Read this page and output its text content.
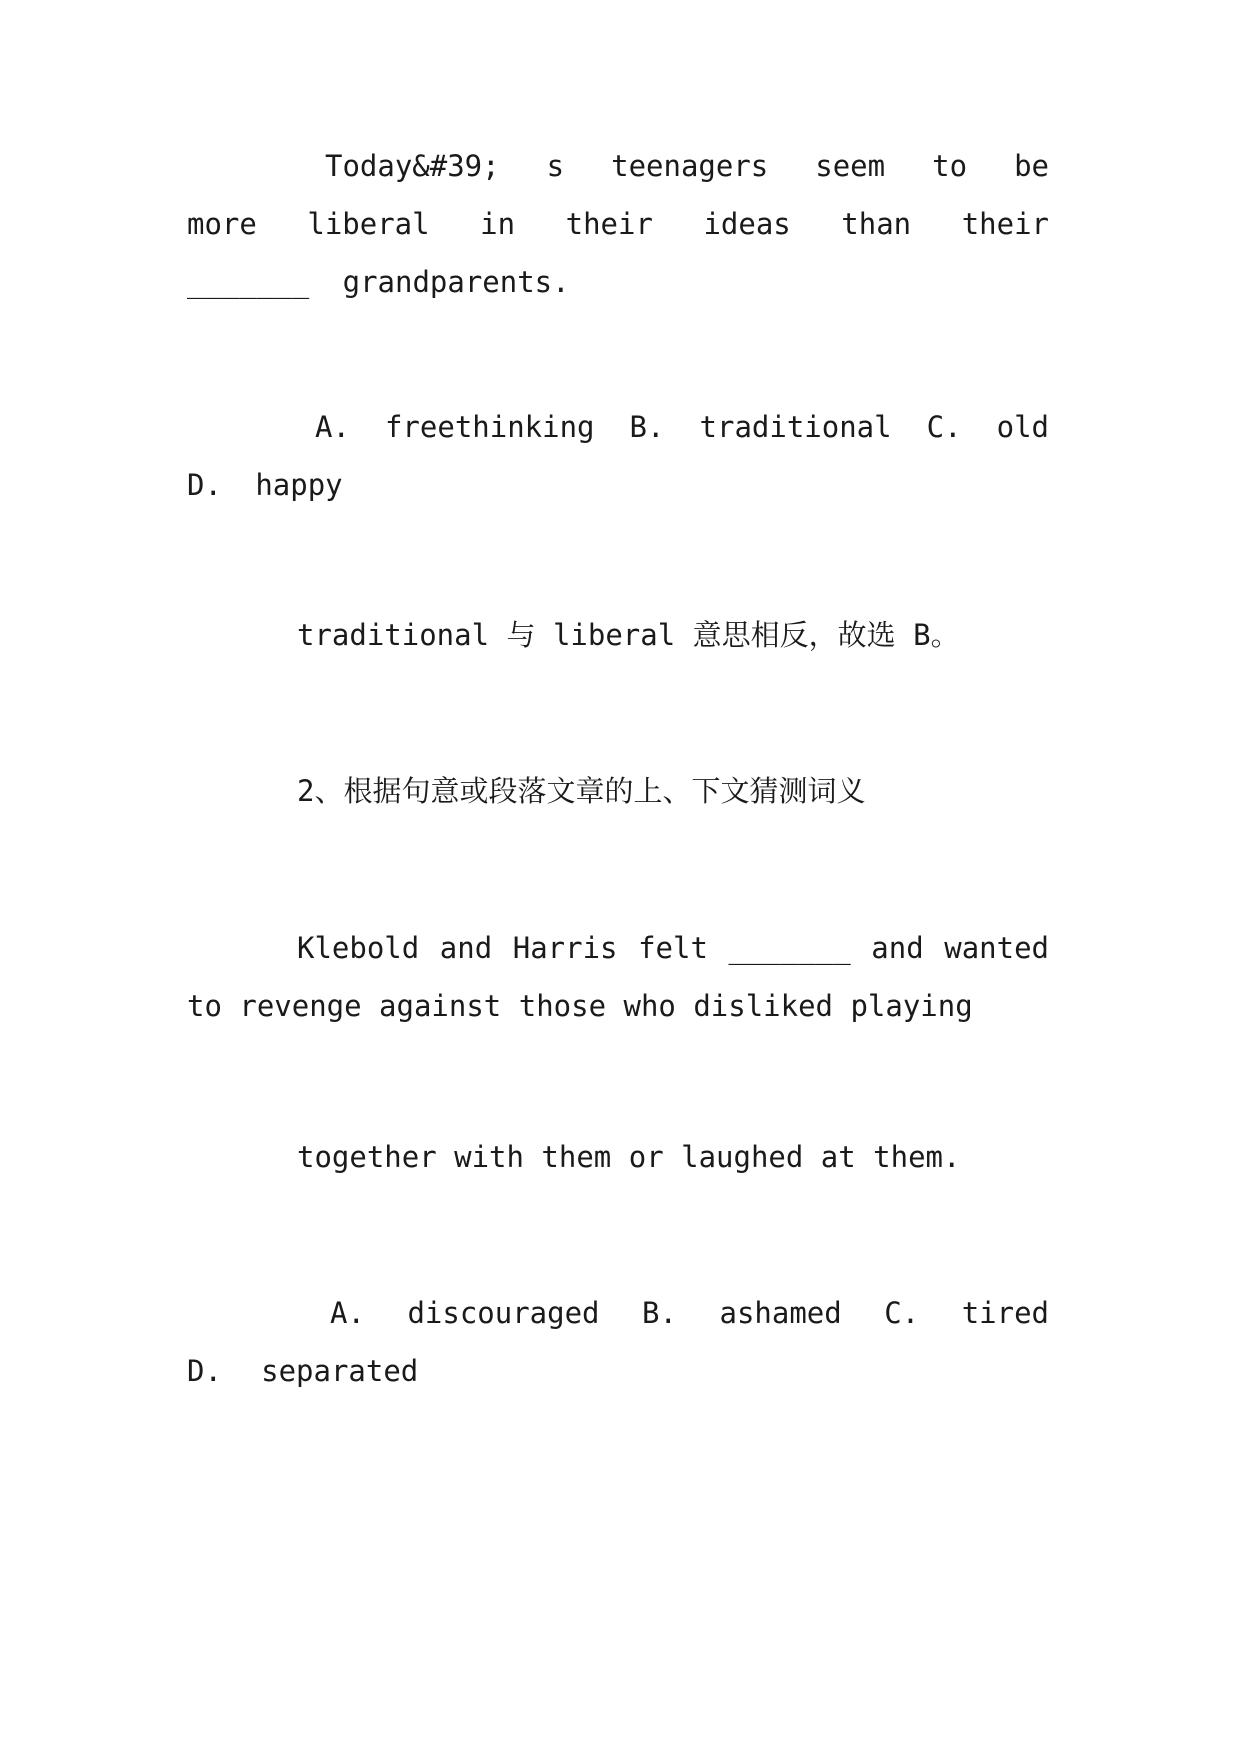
Today&#39; s teenagers seem to be more liberal in their ideas than their _______ grandparents.

A. freethinking B. traditional C. old D. happy

traditional 与 liberal 意思相反，故选 B。

2、根据句意或段落文章的上、下文猜测词义

Klebold and Harris felt _______ and wanted to revenge against those who disliked playing

together with them or laughed at them.

A. discouraged B. ashamed C. tired D. separated
